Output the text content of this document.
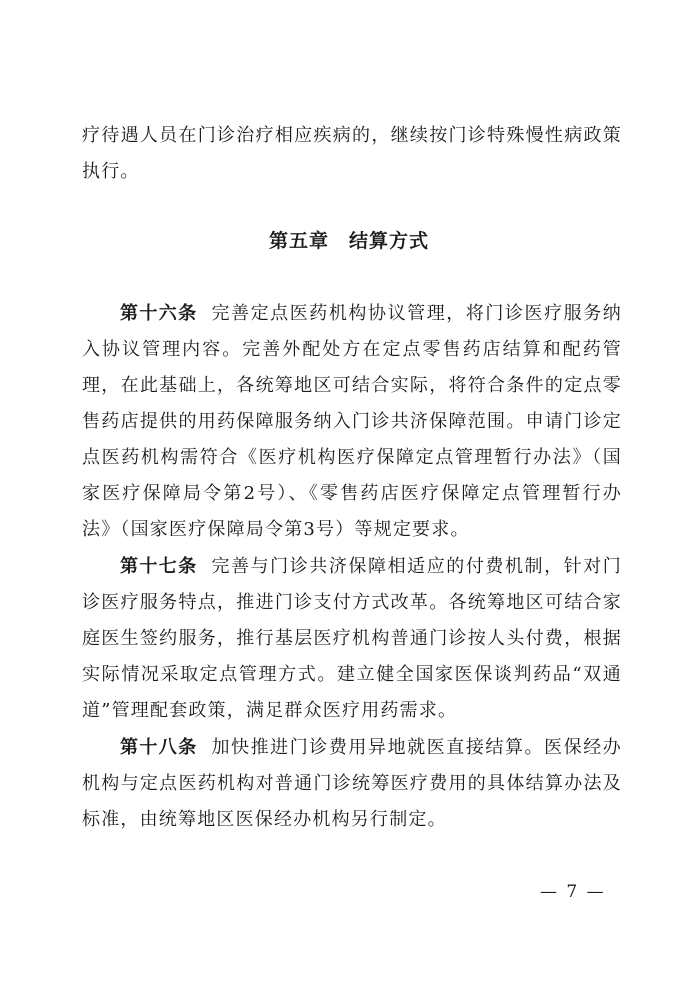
疗待遇人员在门诊治疗相应疾病的，继续按门诊特殊慢性病政策执行。

第五章　结算方式

第十六条 完善定点医药机构协议管理，将门诊医疗服务纳入协议管理内容。完善外配处方在定点零售药店结算和配药管理，在此基础上，各统筹地区可结合实际，将符合条件的定点零售药店提供的用药保障服务纳入门诊共济保障范围。申请门诊定点医药机构需符合《医疗机构医疗保障定点管理暂行办法》（国家医疗保障局令第2号）、《零售药店医疗保障定点管理暂行办法》（国家医疗保障局令第3号）等规定要求。

第十七条 完善与门诊共济保障相适应的付费机制，针对门诊医疗服务特点，推进门诊支付方式改革。各统筹地区可结合家庭医生签约服务，推行基层医疗机构普通门诊按人头付费，根据实际情况采取定点管理方式。建立健全国家医保谈判药品“双通道”管理配套政策，满足群众医疗用药需求。

第十八条 加快推进门诊费用异地就医直接结算。医保经办机构与定点医药机构对普通门诊统筹医疗费用的具体结算办法及标准，由统筹地区医保经办机构另行制定。

— 7 —
